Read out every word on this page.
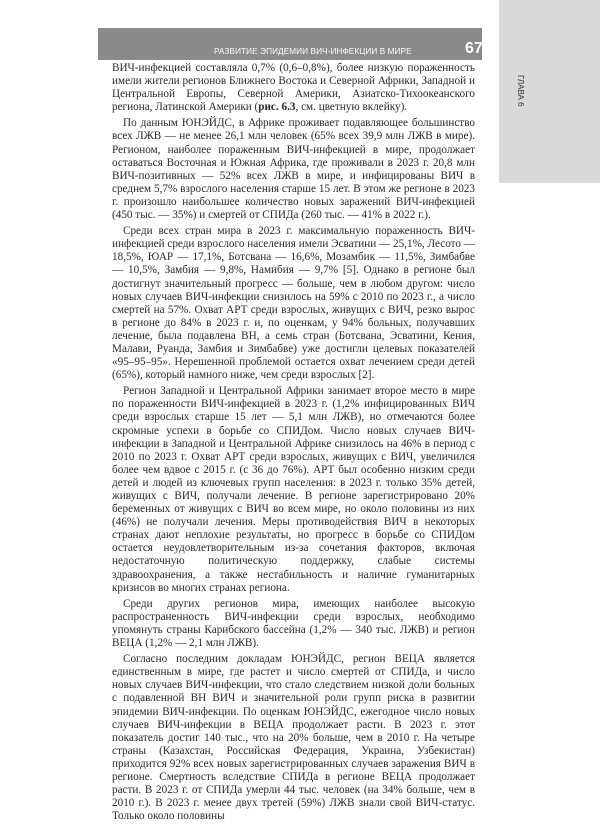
ГЛАВА 6
РАЗВИТИЕ ЭПИДЕМИИ ВИЧ-ИНФЕКЦИИ В МИРЕ	67

ВИЧ-инфекцией составляла 0,7% (0,6–0,8%), более низкую пораженность имели жители регионов Ближнего Востока и Северной Африки, Западной и Центральной Европы, Северной Америки, Азиатско-Тихоокеанского региона, Латинской Америки (рис. 6.3, см. цветную вклейку).

По данным ЮНЭЙДС, в Африке проживает подавляющее большинство всех ЛЖВ — не менее 26,1 млн человек (65% всех 39,9 млн ЛЖВ в мире). Регионом, наиболее пораженным ВИЧ-инфекцией в мире, продолжает оставаться Восточная и Южная Африка, где проживали в 2023 г. 20,8 млн ВИЧ-позитивных — 52% всех ЛЖВ в мире, и инфицированы ВИЧ в среднем 5,7% взрослого населения старше 15 лет. В этом же регионе в 2023 г. произошло наибольшее количество новых заражений ВИЧ-инфекцией (450 тыс. — 35%) и смертей от СПИДа (260 тыс. — 41% в 2022 г.).

Среди всех стран мира в 2023 г. максимальную пораженность ВИЧ-инфекцией среди взрослого населения имели Эсватини — 25,1%, Лесото — 18,5%, ЮАР — 17,1%, Ботсвана — 16,6%, Мозамбик — 11,5%, Зимбабве — 10,5%, Замбия — 9,8%, Намибия — 9,7% [5]. Однако в регионе был достигнут значительный прогресс — больше, чем в любом другом: число новых случаев ВИЧ-инфекции снизилось на 59% с 2010 по 2023 г., а число смертей на 57%. Охват АРТ среди взрослых, живущих с ВИЧ, резко вырос в регионе до 84% в 2023 г. и, по оценкам, у 94% больных, получавших лечение, была подавлена ВН, а семь стран (Ботсвана, Эсватини, Кения, Малави, Руанда, Замбия и Зимбабве) уже достигли целевых показателей «95–95–95». Нерешенной проблемой остается охват лечением среди детей (65%), который намного ниже, чем среди взрослых [2].

Регион Западной и Центральной Африки занимает второе место в мире по пораженности ВИЧ-инфекцией в 2023 г. (1,2% инфицированных ВИЧ среди взрослых старше 15 лет — 5,1 млн ЛЖВ), но отмечаются более скромные успехи в борьбе со СПИДом. Число новых случаев ВИЧ-инфекции в Западной и Центральной Африке снизилось на 46% в период с 2010 по 2023 г. Охват АРТ среди взрослых, живущих с ВИЧ, увеличился более чем вдвое с 2015 г. (с 36 до 76%). АРТ был особенно низким среди детей и людей из ключевых групп населения: в 2023 г. только 35% детей, живущих с ВИЧ, получали лечение. В регионе зарегистрировано 20% беременных от живущих с ВИЧ во всем мире, но около половины из них (46%) не получали лечения. Меры противодействия ВИЧ в некоторых странах дают неплохие результаты, но прогресс в борьбе со СПИДом остается неудовлетворительным из-за сочетания факторов, включая недостаточную политическую поддержку, слабые системы здравоохранения, а также нестабильность и наличие гуманитарных кризисов во многих странах региона.

Среди других регионов мира, имеющих наиболее высокую распространенность ВИЧ-инфекции среди взрослых, необходимо упомянуть страны Карибского бассейна (1,2% — 340 тыс. ЛЖВ) и регион ВЕЦА (1,2% — 2,1 млн ЛЖВ).

Согласно последним докладам ЮНЭЙДС, регион ВЕЦА является единственным в мире, где растет и число смертей от СПИДа, и число новых случаев ВИЧ-инфекции, что стало следствием низкой доли больных с подавленной ВН ВИЧ и значительной роли групп риска в развитии эпидемии ВИЧ-инфекции. По оценкам ЮНЭЙДС, ежегодное число новых случаев ВИЧ-инфекции в ВЕЦА продолжает расти. В 2023 г. этот показатель достиг 140 тыс., что на 20% больше, чем в 2010 г. На четыре страны (Казахстан, Российская Федерация, Украина, Узбекистан) приходится 92% всех новых зарегистрированных случаев заражения ВИЧ в регионе. Смертность вследствие СПИДа в регионе ВЕЦА продолжает расти. В 2023 г. от СПИДа умерли 44 тыс. человек (на 34% больше, чем в 2010 г.). В 2023 г. менее двух третей (59%) ЛЖВ знали свой ВИЧ-статус. Только около половины
